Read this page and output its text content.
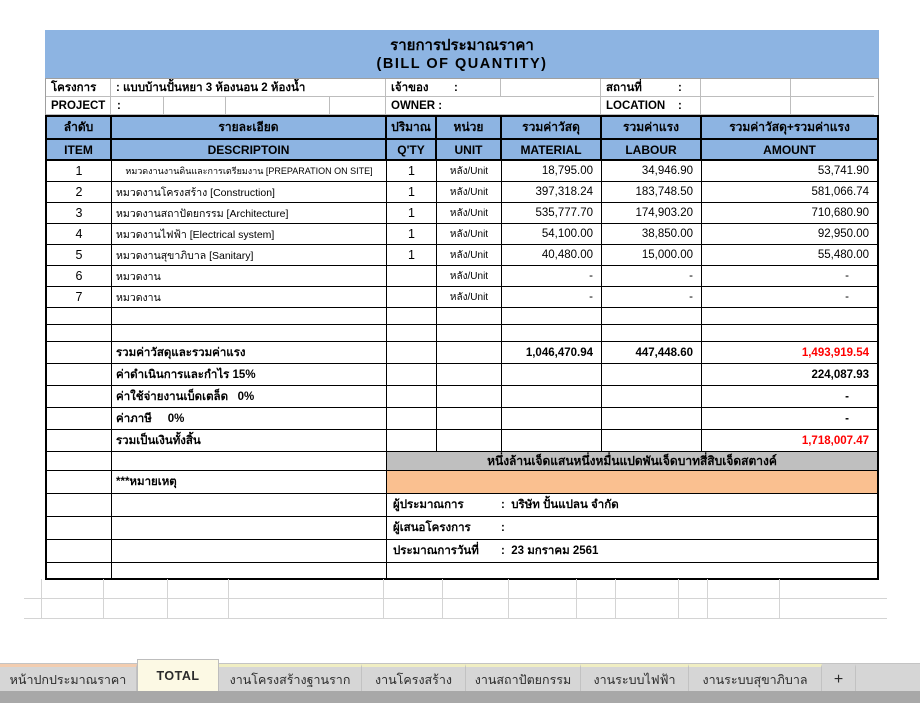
รายการประมาณราคา
(BILL OF QUANTITY)
โครงการ	: แบบบ้านปั้นหยา 3 ห้องนอน 2 ห้องน้ำ	เจ้าของ	:	สถานที่	:
PROJECT	:	OWNER :	LOCATION	:
ลำดับ	รายละเอียด	ปริมาณ	หน่วย	รวมค่าวัสดุ	รวมค่าแรง	รวมค่าวัสดุ+รวมค่าแรง
ITEM	DESCRIPTOIN	Q'TY	UNIT	MATERIAL	LABOUR	AMOUNT
1	หมวดงานงานดินและการเตรียมงาน [PREPARATION ON SITE]	1	หลัง/Unit	18,795.00	34,946.90	53,741.90
2	หมวดงานโครงสร้าง [Construction]	1	หลัง/Unit	397,318.24	183,748.50	581,066.74
3	หมวดงานสถาปัตยกรรม [Architecture]	1	หลัง/Unit	535,777.70	174,903.20	710,680.90
4	หมวดงานไฟฟ้า [Electrical system]	1	หลัง/Unit	54,100.00	38,850.00	92,950.00
5	หมวดงานสุขาภิบาล [Sanitary]	1	หลัง/Unit	40,480.00	15,000.00	55,480.00
6	หมวดงาน	หลัง/Unit	-	-	-
7	หมวดงาน	หลัง/Unit	-	-	-
รวมค่าวัสดุและรวมค่าแรง	1,046,470.94	447,448.60	1,493,919.54
ค่าดำเนินการและกำไร 15%	224,087.93
ค่าใช้จ่ายงานเบ็ดเตล็ด   0%	-
ค่าภาษี     0%	-
รวมเป็นเงินทั้งสิ้น	1,718,007.47
หนึ่งล้านเจ็ดแสนหนึ่งหมื่นแปดพันเจ็ดบาทสี่สิบเจ็ดสตางค์
***หมายเหตุ
ผู้ประมาณการ	:  บริษัท ปั้นแปลน จำกัด
ผู้เสนอโครงการ	:
ประมาณการวันที่	:  23 มกราคม 2561
หน้าปกประมาณราคา	TOTAL	งานโครงสร้างฐานราก	งานโครงสร้าง	งานสถาปัตยกรรม	งานระบบไฟฟ้า	งานระบบสุขาภิบาล	+
